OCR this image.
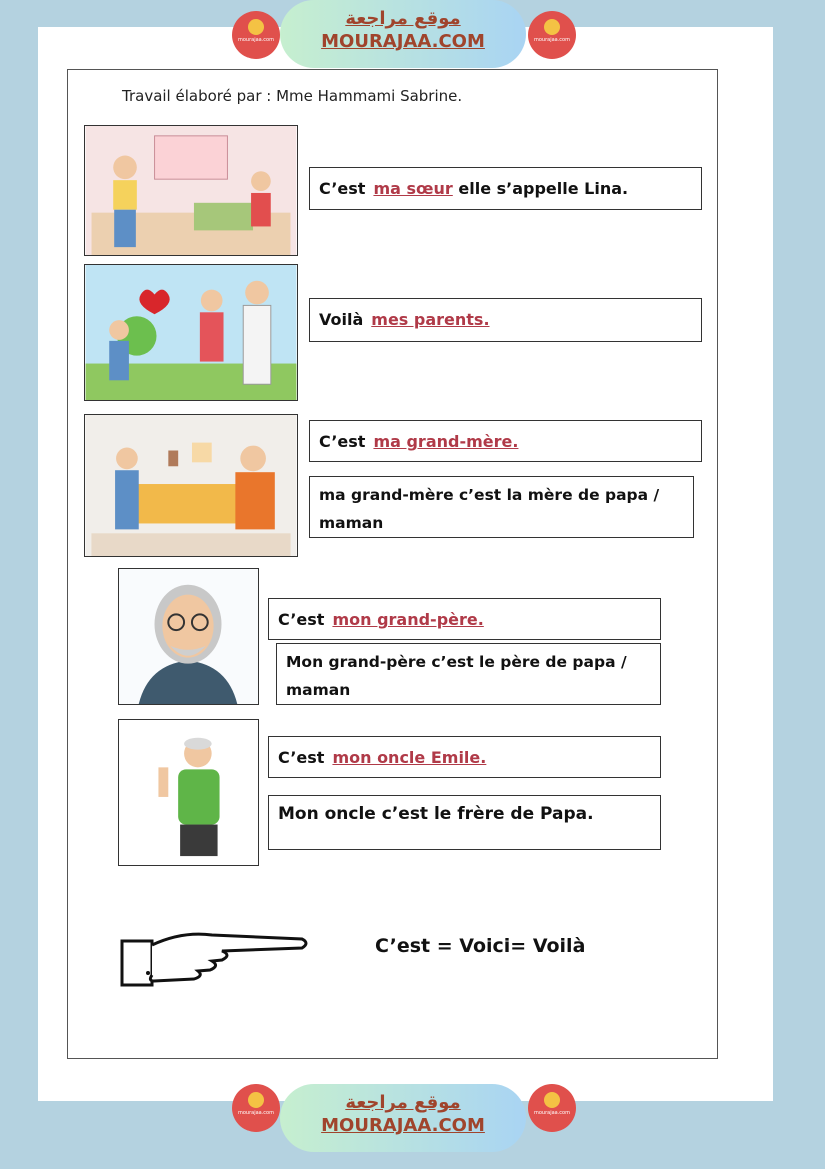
mourajaa.com
موقع مراجعة
MOURAJAA.COM	mourajaa.com
Travail élaboré par : Mme Hammami Sabrine.
C’est ma sœur elle s’appelle Lina.
Voilà mes parents.
C’est ma grand-mère.
ma grand-mère c’est la mère de papa / maman
C’est mon grand-père.
Mon grand-père c’est le père de papa / maman
C’est mon oncle Emile.
Mon oncle c’est le frère de Papa.
C’est = Voici= Voilà
mourajaa.com	موقع مراجعة
MOURAJAA.COM
mourajaa.com
